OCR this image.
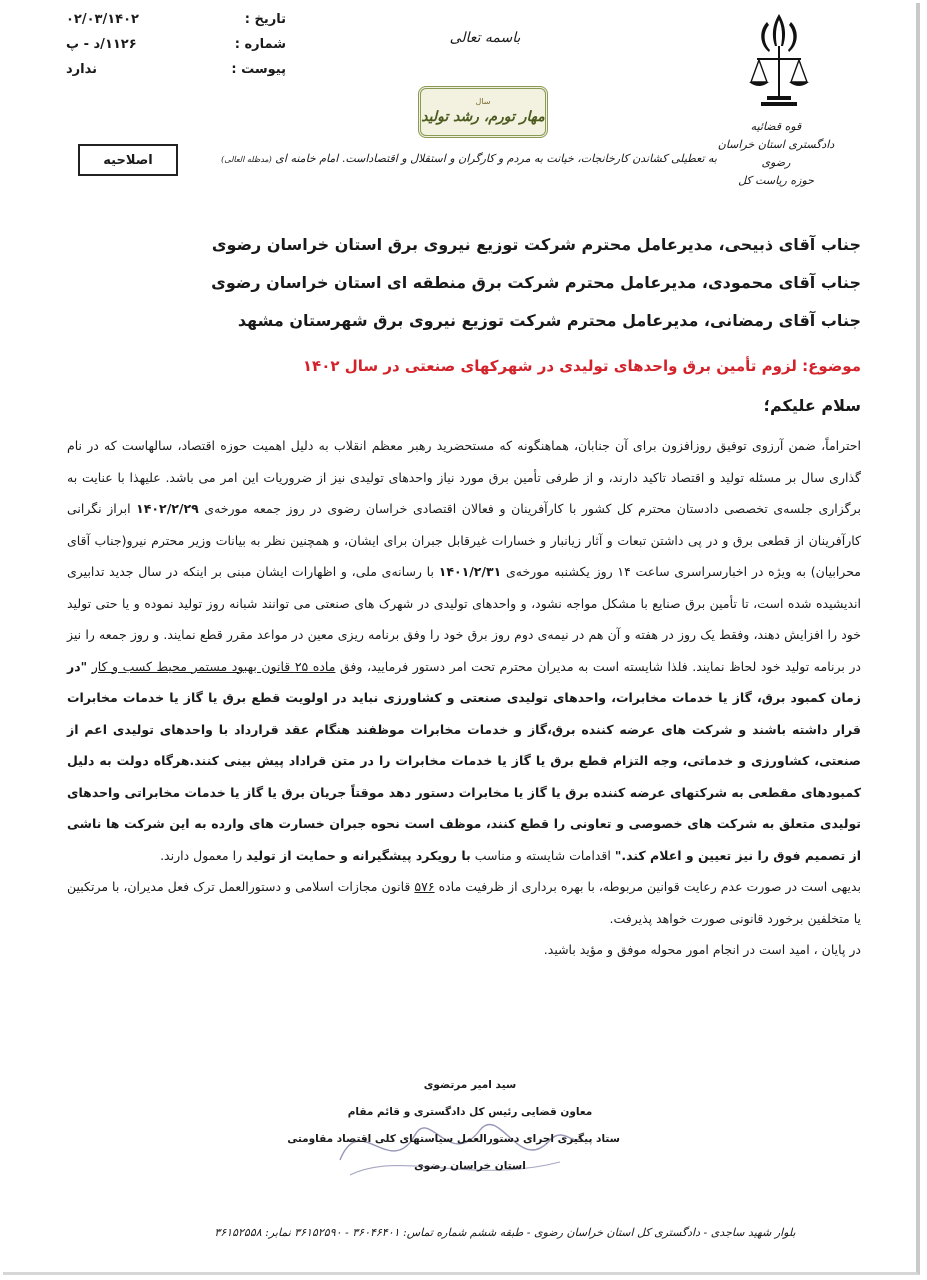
قوه قضائیه
دادگستری استان خراسان رضوی
حوزه ریاست کل
باسمه تعالی
سال
مهار تورم، رشد تولید
به تعطیلی کشاندن کارخانجات، خیانت به مردم و کارگران و استقلال و اقتصاداست. امام خامنه ای (مدظله العالی)
تاریخ :
۰۲/۰۳/۱۴۰۲
شماره :
۱۱۲۶/د - پ
پیوست :
ندارد
اصلاحیه
جناب آقای ذبیحی، مدیرعامل محترم شرکت توزیع نیروی برق استان خراسان رضوی
جناب آقای محمودی، مدیرعامل محترم شرکت برق منطقه ای استان خراسان رضوی
جناب آقای رمضانی، مدیرعامل محترم شرکت توزیع نیروی برق شهرستان مشهد
موضوع: لزوم تأمین برق واحدهای تولیدی در شهرکهای صنعتی در سال ۱۴۰۲
سلام علیکم؛

احتراماً، ضمن آرزوی توفیق روزافزون برای آن جنابان، هماهنگونه که مستحضرید رهبر معظم انقلاب به دلیل اهمیت حوزه اقتصاد، سالهاست که در نام گذاری سال بر مسئله تولید و اقتصاد تاکید دارند، و از طرفی تأمین برق مورد نیاز واحدهای تولیدی نیز از ضروریات این امر می باشد. علیهذا با عنایت به برگزاری جلسه‌ی تخصصی دادستان محترم کل کشور با کارآفرینان و فعالان اقتصادی خراسان رضوی در روز جمعه مورخه‌ی ۱۴۰۲/۲/۲۹ ابراز نگرانی کارآفرینان از قطعی برق و در پی داشتن تبعات و آثار زیانبار و خسارات غیرقابل جبران برای ایشان، و همچنین نظر به بیانات وزیر محترم نیرو(جناب آقای محرابیان) به ویژه در اخبارسراسری ساعت ۱۴ روز یکشنبه مورخه‌ی ۱۴۰۱/۲/۳۱ با رسانه‌ی ملی، و اظهارات ایشان مبنی بر اینکه در سال جدید تدابیری اندیشیده شده است، تا تأمین برق صنایع با مشکل مواجه نشود، و واحدهای تولیدی در شهرک های صنعتی می توانند شبانه روز تولید نموده و یا حتی تولید خود را افزایش دهند، وفقط یک روز در هفته و آن هم در نیمه‌ی دوم روز برق خود را وفق برنامه ریزی معین در مواعد مقرر قطع نمایند. و روز جمعه را نیز در برنامه تولید خود لحاظ نمایند. فلذا شایسته است به مدیران محترم تحت امر دستور فرمایید، وفق ماده ۲۵ قانون بهبود مستمر محیط کسب و کار "در زمان کمبود برق، گاز یا خدمات مخابرات، واحدهای تولیدی صنعتی و کشاورزی نباید در اولویت قطع برق یا گاز یا خدمات مخابرات قرار داشته باشند و شرکت های عرضه کننده برق،گاز و خدمات مخابرات موظفند هنگام عقد قرارداد با واحدهای تولیدی اعم از صنعتی، کشاورزی و خدماتی، وجه التزام قطع برق یا گاز یا خدمات مخابرات را در متن قراداد پیش بینی کنند.هرگاه دولت به دلیل کمبودهای مقطعی به شرکتهای عرضه کننده برق یا گاز یا مخابرات دستور دهد موقتاً جریان برق یا گاز یا خدمات مخابراتی واحدهای تولیدی متعلق به شرکت های خصوصی و تعاونی را قطع کنند، موظف است نحوه جبران خسارت های وارده به این شرکت ها ناشی از تصمیم فوق را نیز تعیین و اعلام کند." اقدامات شایسته و مناسب با رویکرد پیشگیرانه و حمایت از تولید را معمول دارند.

بدیهی است در صورت عدم رعایت قوانین مربوطه، با بهره برداری از ظرفیت ماده ۵۷۶ قانون مجازات اسلامی و دستورالعمل ترک فعل مدیران، با مرتکبین یا متخلفین برخورد قانونی صورت خواهد پذیرفت.

در پایان ، امید است در انجام امور محوله موفق و مؤید باشید.

سید امیر مرتضوی
معاون قضایی رئیس کل دادگستری و قائم مقام
ستاد پیگیری اجرای دستورالعمل سیاستهای کلی اقتصاد مقاومتی
استان خراسان رضوی
بلوار شهید ساجدی - دادگستری کل استان خراسان رضوی - طبقه ششم شماره تماس: ۳۶۰۴۶۴۰۱ - ۳۶۱۵۲۵۹۰ نمابر: ۳۶۱۵۲۵۵۸
